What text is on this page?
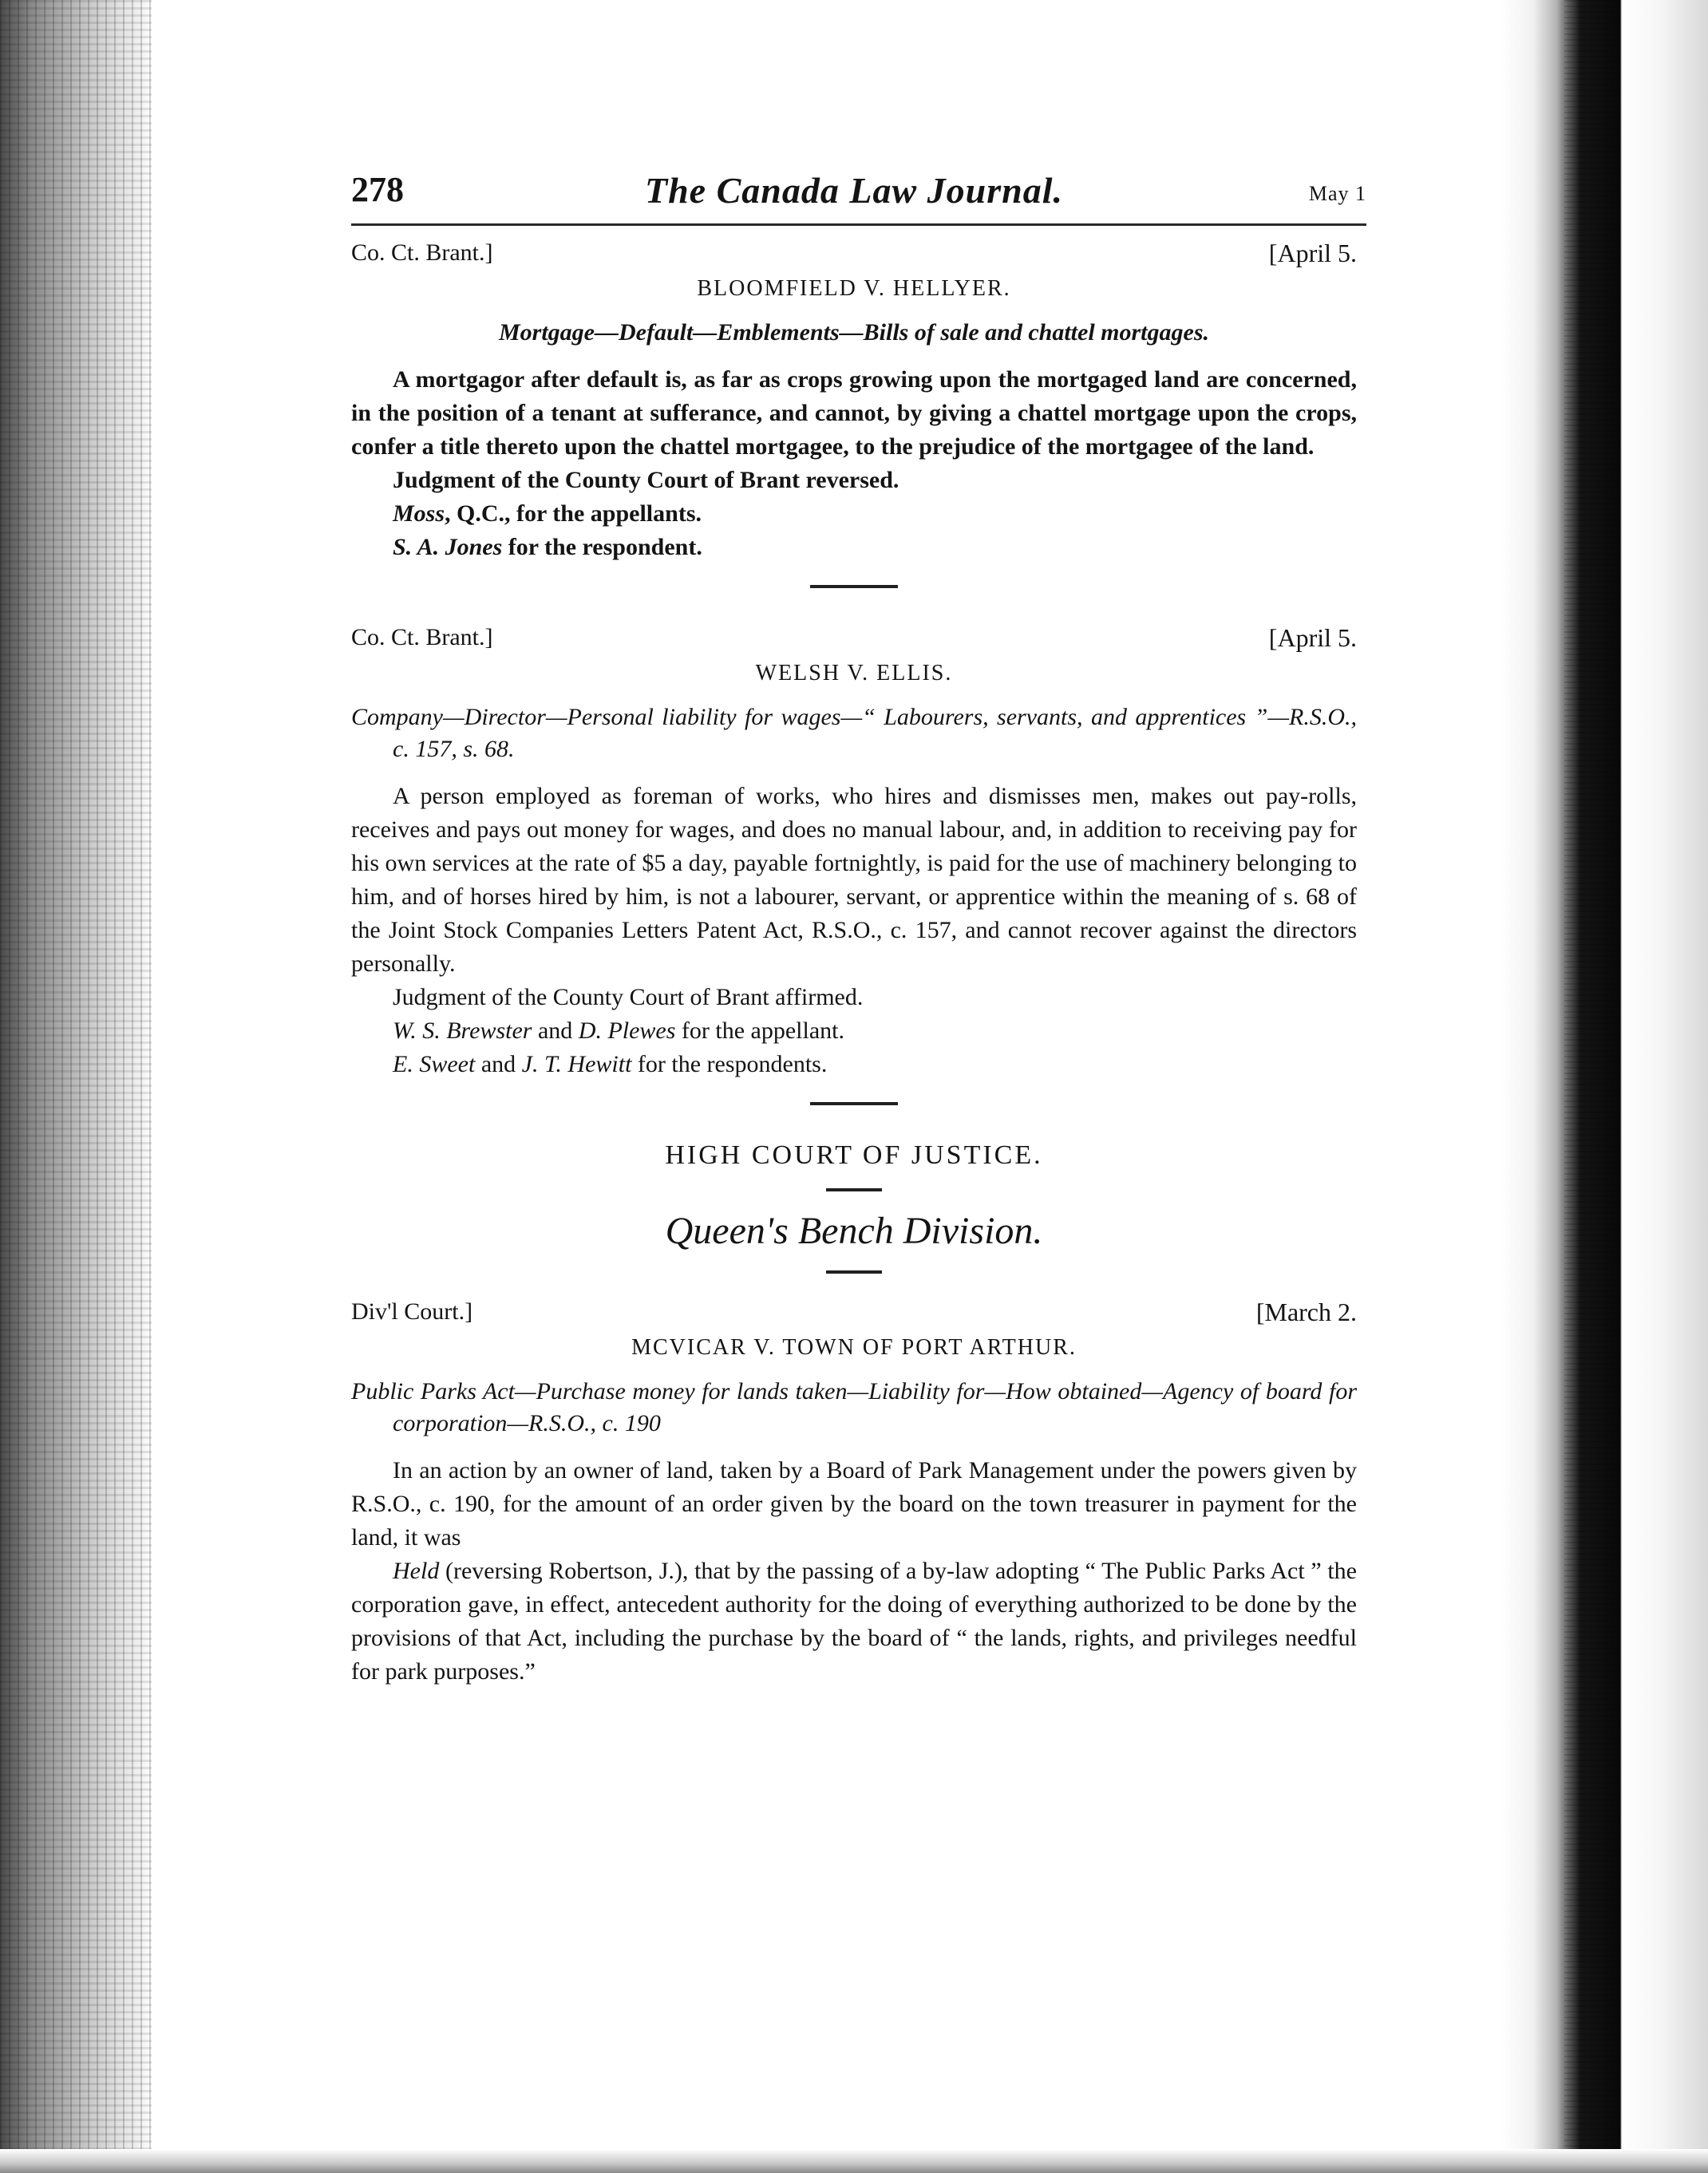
278	The Canada Law Journal.	May 1
Co. Ct. Brant.]	[April 5.
BLOOMFIELD V. HELLYER.
Mortgage—Default—Emblements—Bills of sale and chattel mortgages.

A mortgagor after default is, as far as crops growing upon the mortgaged land are concerned, in the position of a tenant at sufferance, and cannot, by giving a chattel mortgage upon the crops, confer a title thereto upon the chattel mortgagee, to the prejudice of the mortgagee of the land.

Judgment of the County Court of Brant reversed.

Moss, Q.C., for the appellants.

S. A. Jones for the respondent.

Co. Ct. Brant.]	[April 5.
WELSH V. ELLIS.
Company—Director—Personal liability for wages—“ Labourers, servants, and apprentices ”—R.S.O., c. 157, s. 68.

A person employed as foreman of works, who hires and dismisses men, makes out pay-rolls, receives and pays out money for wages, and does no manual labour, and, in addition to receiving pay for his own services at the rate of $5 a day, payable fortnightly, is paid for the use of machinery belonging to him, and of horses hired by him, is not a labourer, servant, or apprentice within the meaning of s. 68 of the Joint Stock Companies Letters Patent Act, R.S.O., c. 157, and cannot recover against the directors personally.

Judgment of the County Court of Brant affirmed.

W. S. Brewster and D. Plewes for the appellant.

E. Sweet and J. T. Hewitt for the respondents.

HIGH COURT OF JUSTICE.
Queen's Bench Division.
Div'l Court.]	[March 2.
MCVICAR V. TOWN OF PORT ARTHUR.
Public Parks Act—Purchase money for lands taken—Liability for—How obtained—Agency of board for corporation—R.S.O., c. 190

In an action by an owner of land, taken by a Board of Park Management under the powers given by R.S.O., c. 190, for the amount of an order given by the board on the town treasurer in payment for the land, it was

Held (reversing Robertson, J.), that by the passing of a by-law adopting “ The Public Parks Act ” the corporation gave, in effect, antecedent authority for the doing of everything authorized to be done by the provisions of that Act, including the purchase by the board of “ the lands, rights, and privileges needful for park purposes.”
